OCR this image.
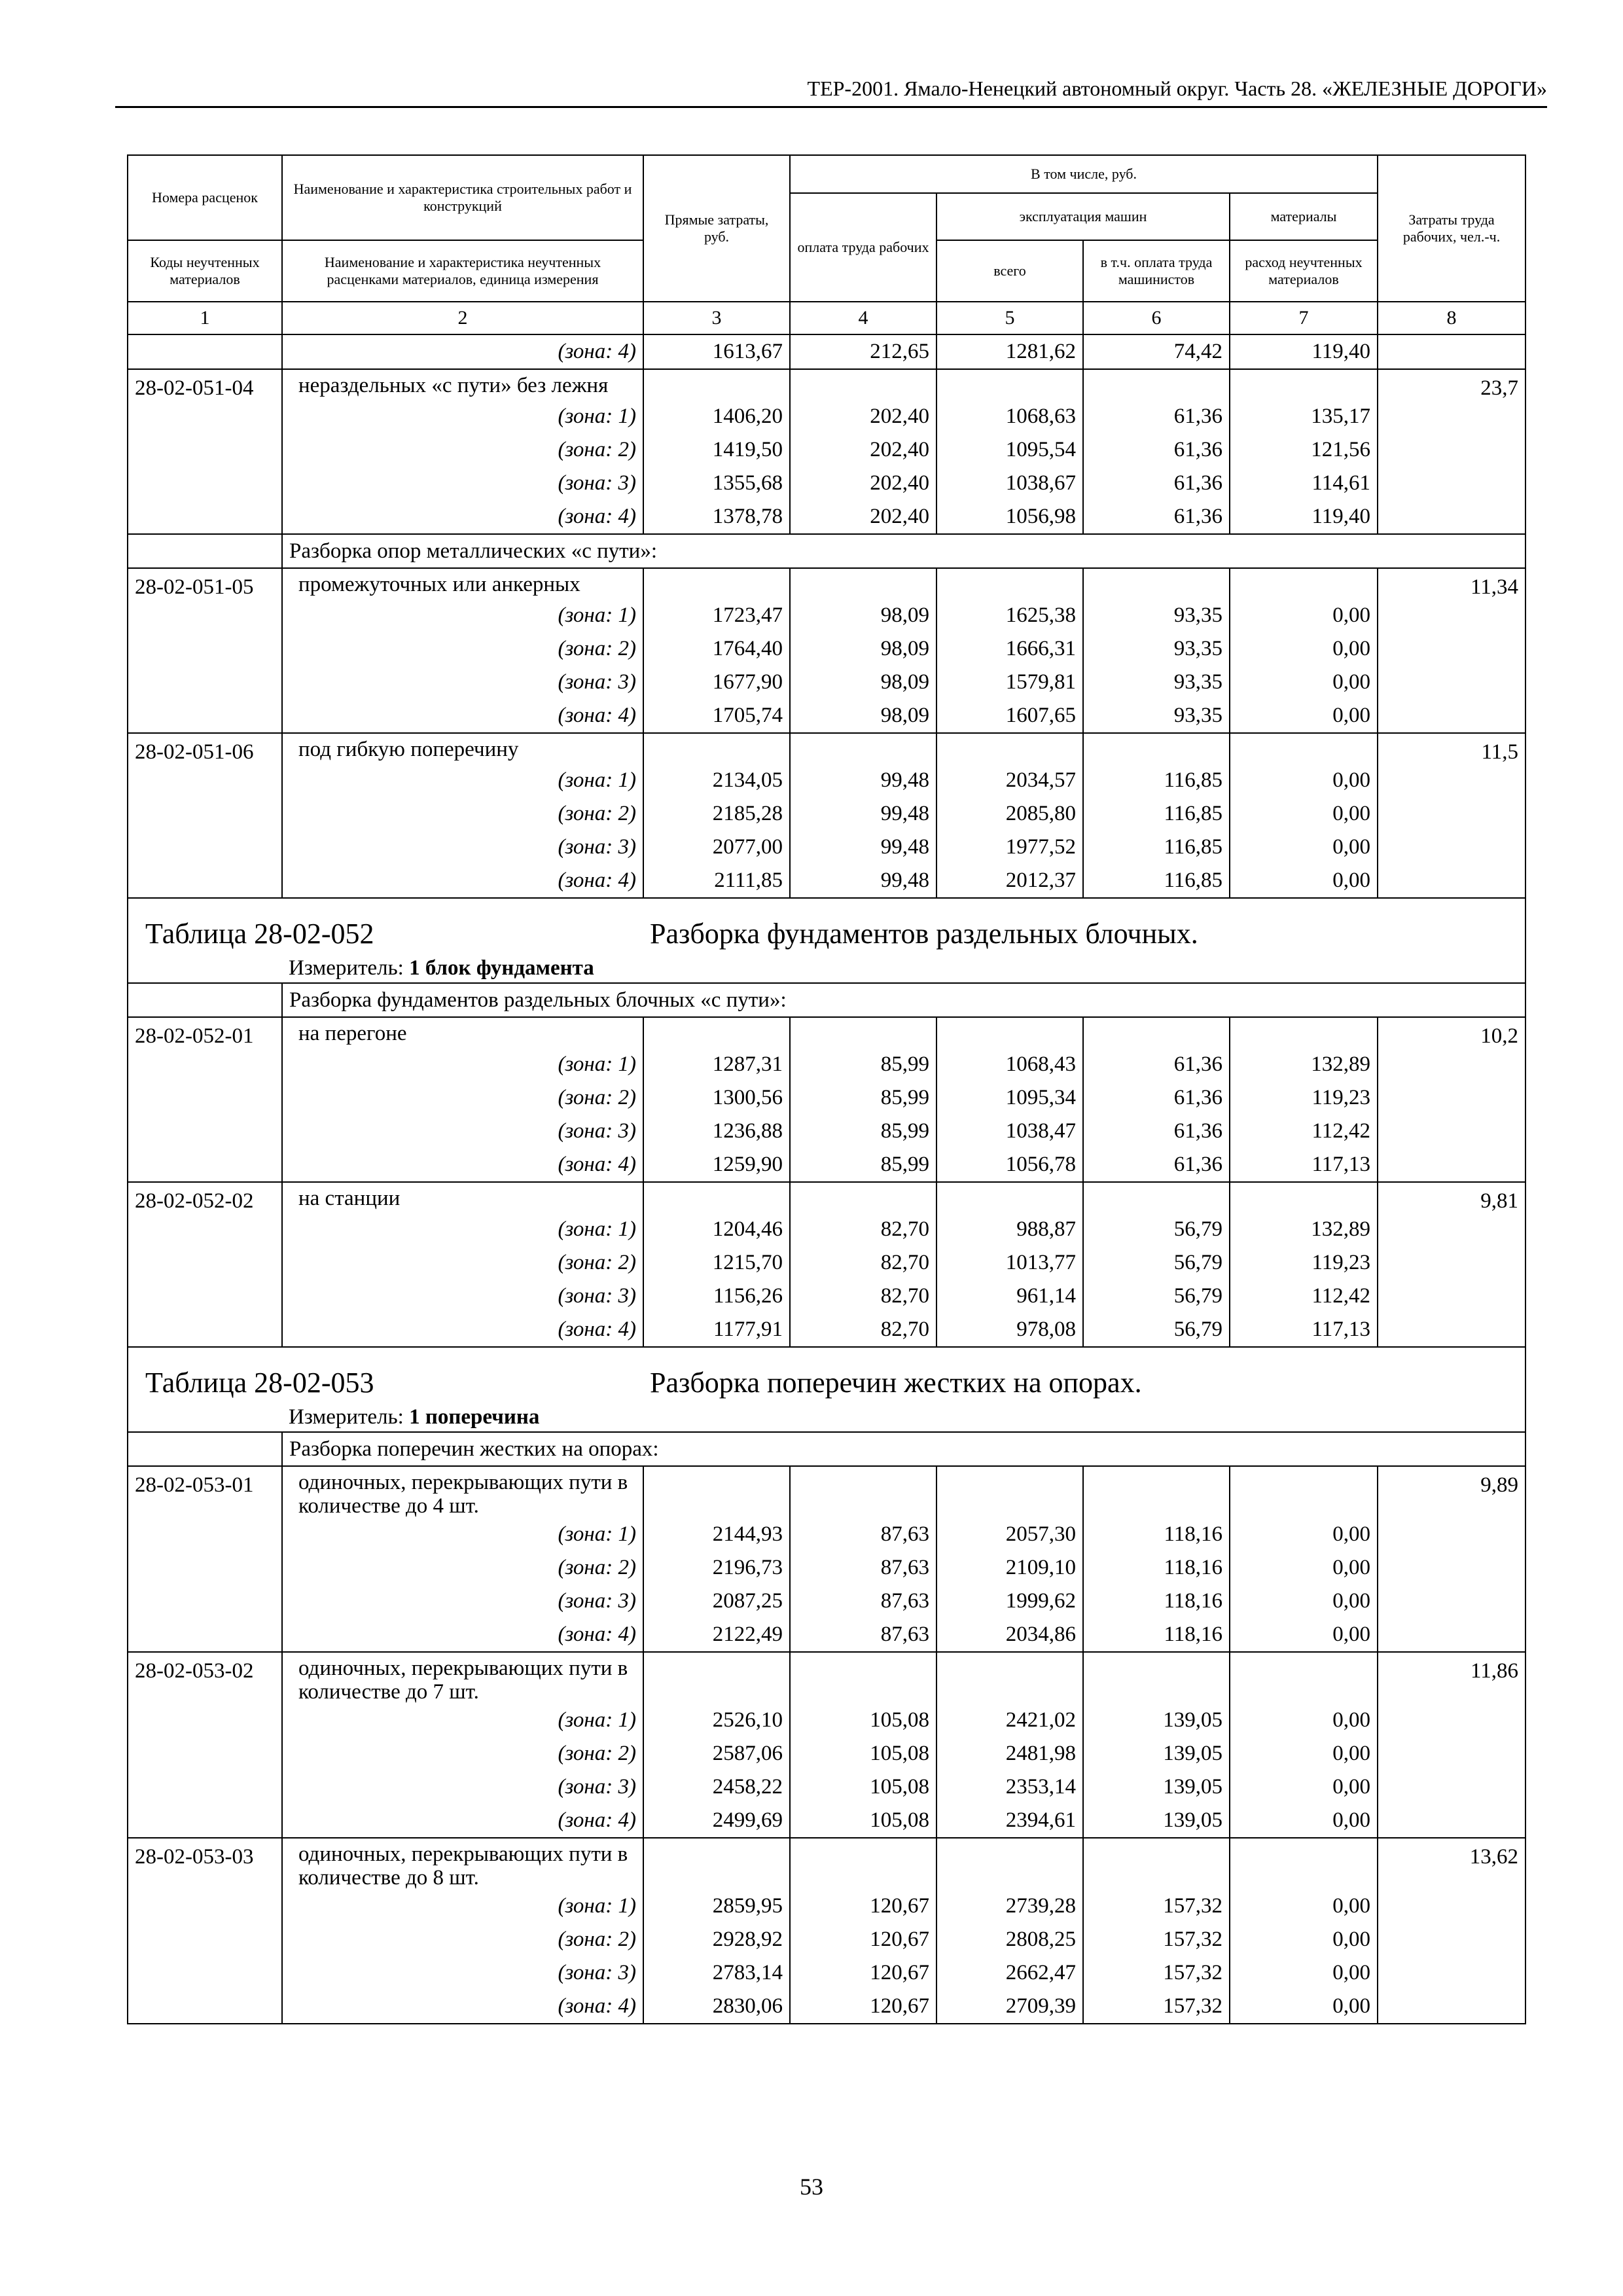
ТЕР-2001. Ямало-Ненецкий автономный округ. Часть 28. «ЖЕЛЕЗНЫЕ ДОРОГИ»
Номера расценок	Наименование и характеристика строительных работ и конструкций	Прямые затраты, руб.	В том числе, руб.				Затраты труда рабочих, чел.-ч.
			оплата труда рабочих	эксплуатация машин		материалы	
Коды неучтенных материалов	Наименование и характеристика неучтенных расценками материалов, единица измерения			всего	в т.ч. оплата труда машинистов	расход неучтенных материалов	
1	2	3	4	5	6	7	8
	(зона: 4)	1613,67	212,65	1281,62	74,42	119,40	
28-02-051-04	нераздельных «с пути» без лежня						23,7
	(зона: 1)	1406,20	202,40	1068,63	61,36	135,17	
	(зона: 2)	1419,50	202,40	1095,54	61,36	121,56	
	(зона: 3)	1355,68	202,40	1038,67	61,36	114,61	
	(зона: 4)	1378,78	202,40	1056,98	61,36	119,40	
	Разборка опор металлических «с пути»:						
28-02-051-05	промежуточных или анкерных						11,34
	(зона: 1)	1723,47	98,09	1625,38	93,35	0,00	
	(зона: 2)	1764,40	98,09	1666,31	93,35	0,00	
	(зона: 3)	1677,90	98,09	1579,81	93,35	0,00	
	(зона: 4)	1705,74	98,09	1607,65	93,35	0,00	
28-02-051-06	под гибкую поперечину						11,5
	(зона: 1)	2134,05	99,48	2034,57	116,85	0,00	
	(зона: 2)	2185,28	99,48	2085,80	116,85	0,00	
	(зона: 3)	2077,00	99,48	1977,52	116,85	0,00	
	(зона: 4)	2111,85	99,48	2012,37	116,85	0,00	
Таблица 28-02-052		Разборка фундаментов раздельных блочных.					
	Измеритель: 1 блок фундамента						
	Разборка фундаментов раздельных блочных «с пути»:						
28-02-052-01	на перегоне						10,2
	(зона: 1)	1287,31	85,99	1068,43	61,36	132,89	
	(зона: 2)	1300,56	85,99	1095,34	61,36	119,23	
	(зона: 3)	1236,88	85,99	1038,47	61,36	112,42	
	(зона: 4)	1259,90	85,99	1056,78	61,36	117,13	
28-02-052-02	на станции						9,81
	(зона: 1)	1204,46	82,70	988,87	56,79	132,89	
	(зона: 2)	1215,70	82,70	1013,77	56,79	119,23	
	(зона: 3)	1156,26	82,70	961,14	56,79	112,42	
	(зона: 4)	1177,91	82,70	978,08	56,79	117,13	
Таблица 28-02-053		Разборка поперечин жестких на опорах.					
	Измеритель: 1 поперечина						
	Разборка поперечин жестких на опорах:						
28-02-053-01	одиночных, перекрывающих пути в количестве до 4 шт.						9,89
	(зона: 1)	2144,93	87,63	2057,30	118,16	0,00	
	(зона: 2)	2196,73	87,63	2109,10	118,16	0,00	
	(зона: 3)	2087,25	87,63	1999,62	118,16	0,00	
	(зона: 4)	2122,49	87,63	2034,86	118,16	0,00	
28-02-053-02	одиночных, перекрывающих пути в количестве до 7 шт.						11,86
	(зона: 1)	2526,10	105,08	2421,02	139,05	0,00	
	(зона: 2)	2587,06	105,08	2481,98	139,05	0,00	
	(зона: 3)	2458,22	105,08	2353,14	139,05	0,00	
	(зона: 4)	2499,69	105,08	2394,61	139,05	0,00	
28-02-053-03	одиночных, перекрывающих пути в количестве до 8 шт.						13,62
	(зона: 1)	2859,95	120,67	2739,28	157,32	0,00	
	(зона: 2)	2928,92	120,67	2808,25	157,32	0,00	
	(зона: 3)	2783,14	120,67	2662,47	157,32	0,00	
	(зона: 4)	2830,06	120,67	2709,39	157,32	0,00	
53
